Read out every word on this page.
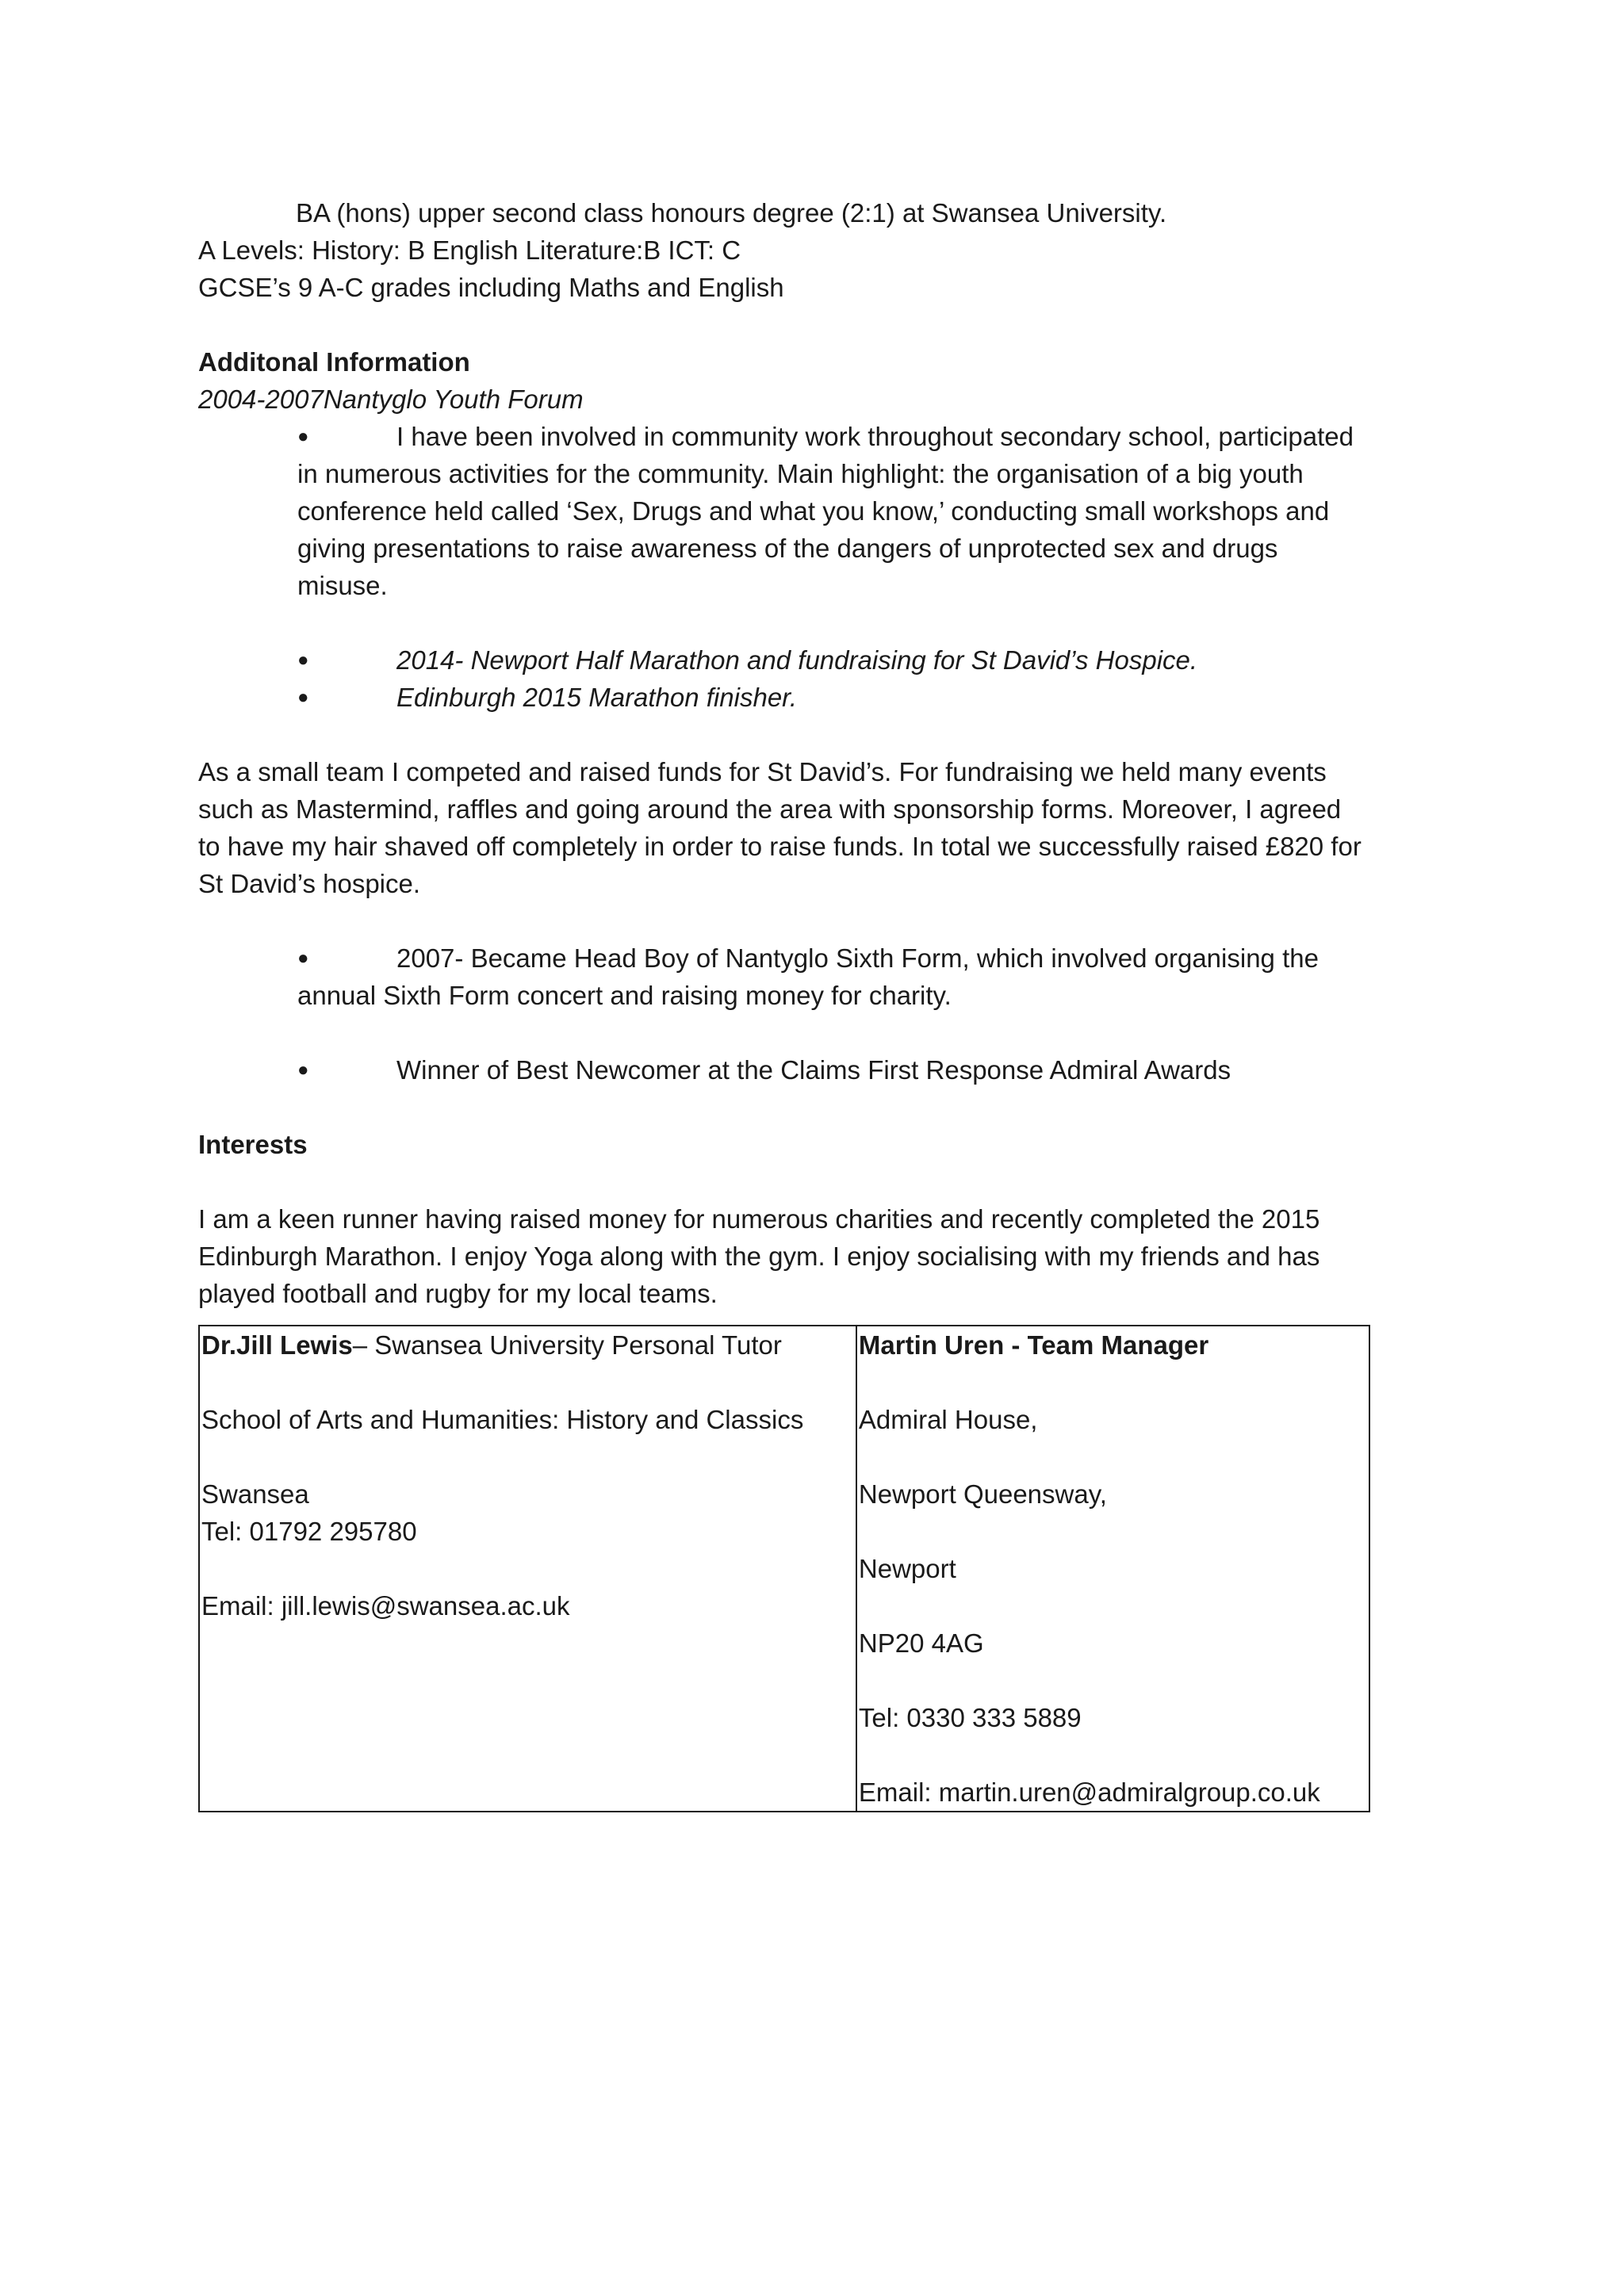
BA (hons) upper second class honours degree (2:1) at Swansea University.

A Levels: History: B English Literature:B ICT: C

GCSE’s 9 A-C grades including Maths and English

Additonal Information

2004-2007Nantyglo Youth Forum

●	I have been involved in community work throughout secondary school, participated

in numerous activities for the community. Main highlight: the organisation of a big youth

conference held called ‘Sex, Drugs and what you know,’ conducting small workshops and

giving presentations to raise awareness of the dangers of unprotected sex and drugs

misuse.

●	2014- Newport Half Marathon and fundraising for St David’s Hospice.

●	Edinburgh 2015 Marathon finisher.

As a small team I competed and raised funds for St David’s. For fundraising we held many events

such as Mastermind, raffles and going around the area with sponsorship forms. Moreover, I agreed

to have my hair shaved off completely in order to raise funds. In total we successfully raised £820 for

St David’s hospice.

●	2007- Became Head Boy of Nantyglo Sixth Form, which involved organising the

annual Sixth Form concert and raising money for charity.

●	Winner of Best Newcomer at the Claims First Response Admiral Awards

Interests

I am a keen runner having raised money for numerous charities and recently completed the 2015

Edinburgh Marathon. I enjoy Yoga along with the gym. I enjoy socialising with my friends and has

played football and rugby for my local teams.

Dr.Jill Lewis– Swansea University Personal Tutor

School of Arts and Humanities: History and Classics

Swansea

Tel: 01792 295780

Email: jill.lewis@swansea.ac.uk

Martin Uren - Team Manager

Admiral House,

Newport Queensway,

Newport

NP20 4AG

Tel: 0330 333 5889

Email: martin.uren@admiralgroup.co.uk
